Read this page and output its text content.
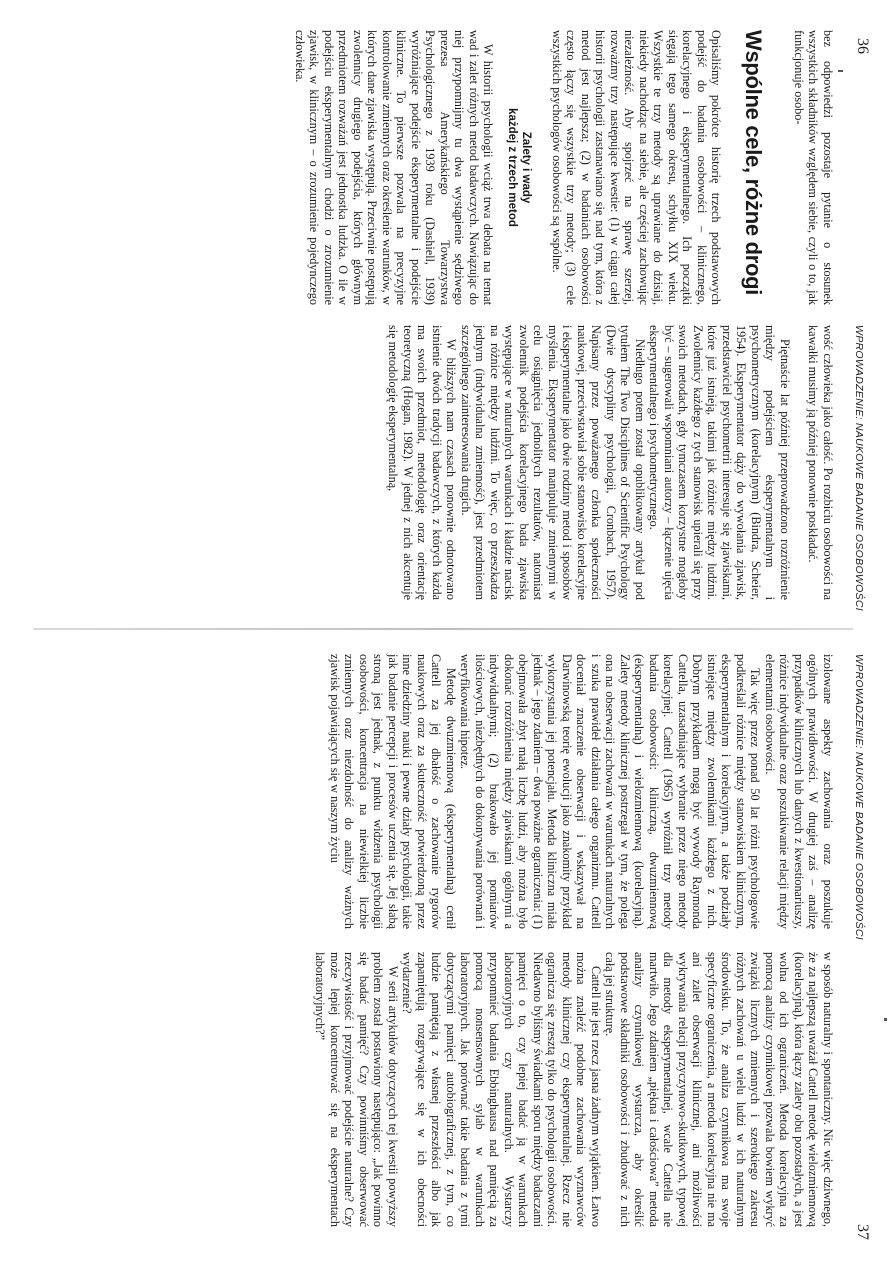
36
WPROWADZENIE: NAUKOWE BADANIE OSOBOWOŚCI

bez odpowiedzi pozostaje pytanie o stosunek wszystkich składników względem siebie, czyli o to, jak funkcjonuje osobo-

Wspólne cele, różne drogi

Opisaliśmy pokrótce historię trzech podstawowych podejść do badania osobowości – klinicznego, korelacyjnego i eksperymentalnego. Ich początki sięgają tego samego okresu, schyłku XIX wieku. Wszystkie te trzy metody są uprawiane do dzisiaj, niekiedy nachodząc na siebie, ale częściej zachowując niezależność. Aby spojrzeć na sprawę szerzej, rozważmy trzy następujące kwestie: (1) w ciągu całej historii psychologii zastanawiano się nad tym, która z metod jest najlepsza; (2) w badaniach osobowości często łączy się wszystkie trzy metody; (3) cele wszystkich psychologów osobowości są wspólne.

Zalety i wady
każdej z trzech metod

W historii psychologii wciąż trwa debata na temat wad i zalet różnych metod badawczych. Nawiązując do niej przypomnijmy tu dwa wystąpienie sędziwego prezesa Amerykańskiego Towarzystwa Psychologicznego z 1939 roku (Dashiell, 1939) wyróżniające podejście eksperymentalne i podejście kliniczne. To pierwsze pozwala na precyzyjne kontrolowanie zmiennych oraz określenie warunków, w których dane zjawiska występują. Przeciwnie postępują zwolennicy drugiego podejścia, których głównym przedmiotem rozważań jest jednostka ludzka. O ile w podejściu eksperymentalnym chodzi o zrozumienie zjawisk, w klinicznym – o zrozumienie pojedynczego człowieka.

wość człowieka jako całość. Po rozbiciu osobowości na kawałki musimy ją później ponownie poskładać.

Piętnaście lat później przeprowadzono rozróżnienie między podejściem eksperymentalnym i psychometrycznym (korelacyjnym) (Bindra, Scheier, 1954). Eksperymentator dąży do wywołania zjawisk, przedstawiciel psychometrii interesuje się zjawiskami, które już istnieją, takimi jak różnice między ludźmi. Zwolennicy każdego z tych stanowisk upierali się przy swoich metodach, gdy tymczasem korzystne mogłoby być – sugerowali wspomniani autorzy – łączenie ujęcia eksperymentalnego i psychometrycznego.

Niedługo potem został opublikowany artykuł pod tytułem The Two Disciplines of Scientific Psychology (Dwie dyscypliny psychologii, Cronbach, 1957). Napisany przez poważanego członka społeczności naukowej, przeciwstawiał sobie stanowisko korelacyjne i eksperymentalne jako dwie rodziny metod i sposobów myślenia. Eksperymentator manipuluje zmiennymi w celu osiągnięcia jednolitych rezultatów, natomiast zwolennik podejścia korelacyjnego bada zjawiska występujące w naturalnych warunkach i kładzie nacisk na różnice między ludźmi. To więc, co przeszkadza jednym (indywidualna zmienność), jest przedmiotem szczególnego zainteresowania drugich.

W bliższych nam czasach ponownie odnotowano istnienie dwóch tradycji badawczych, z których każda ma swoich przedmiot, metodologię oraz orientację teoretyczną (Hogan, 1982). W jednej z nich akcentuje się metodologię eksperymentalną,

WPROWADZENIE: NAUKOWE BADANIE OSOBOWOŚCI
37

izolowane aspekty zachowania oraz poszukuje ogólnych prawidłowości. W drugiej zaś – analizę przypadków klinicznych lub danych z kwestionariuszy, różnice indywidualne oraz poszukiwanie relacji między elementami osobowości.

Tak więc przez ponad 50 lat różni psychologowie podkreślali różnice między stanowiskiem klinicznym, eksperymentalnym i korelacyjnym, a także podziały istniejące między zwolennikami każdego z nich. Dobrym przykładem mogą być wywody Raymonda Cattella, uzasadniające wybranie przez niego metody korelacyjnej. Cattell (1965) wyróżnił trzy metody badania osobowości: kliniczną, dwuzmiennową (eksperymentalną) i wielozmiennową (korelacyjną). Zalety metody klinicznej postrzegał w tym, że polega ona na obserwacji zachowań w warunkach naturalnych i szuka prawideł działania całego organizmu. Cattell doceniał znaczenie obserwacji i wskazywał na Darwinowską teorię ewolucji jako znakomity przykład wykorzystania jej potencjału. Metoda kliniczna miała jednak – jego zdaniem – dwa poważne ograniczenia: (1) obejmowała zbyt małą liczbę ludzi, aby można było dokonać rozróżnienia między zjawiskami ogólnymi a indywidualnymi; (2) brakowało jej pomiarów ilościowych, niezbędnych do dokonywania porównań i weryfikowania hipotez.

Metodę dwuzmiennową (eksperymentalną) cenił Cattell za jej dbałość o zachowanie rygorów naukowych oraz za skuteczność potwierdzoną przez inne dziedziny nauki i pewne działy psychologii, takie jak badanie percepcji i procesów uczenia się. Jej słabą stroną jest jednak, z punktu widzenia psychologii osobowości, koncentracja na niewielkiej liczbie zmiennych oraz niezdolność do analizy ważnych zjawisk pojawiających się w naszym życiu

w sposób naturalny i spontaniczny. Nic więc dziwnego, że za najlepszą uważał Cattell metodę wielozmiennową (korelacyjną), która łączy zalety obu pozostałych, a jest wolna od ich ograniczeń. Metoda korelacyjna za pomocą analizy czynnikowej pozwala bowiem wykryć związki licznych zmiennych i szerokiego zakresu różnych zachowań u wielu ludzi w ich naturalnym środowisku. To, że analiza czynnikowa ma swoje specyficzne ograniczenia, a metoda korelacyjna nie ma ani zalet obserwacji klinicznej, ani możliwości wykrywania relacji przyczynowo-skutkowych, typowej dla metody eksperymentalnej, wcale Cattella nie martwiło. Jego zdaniem „piękna i całościowa” metoda analizy czynnikowej wystarcza, aby określić podstawowe składniki osobowości i zbudować z nich całą jej strukturę.

Cattell nie jest rzecz jasna żadnym wyjątkiem. Łatwo można znaleźć podobne zachowania wyznawców metody klinicznej czy eksperymentalnej. Rzecz nie ogranicza się zresztą tylko do psychologii osobowości. Niedawno byliśmy świadkami sporu między badaczami pamięci o to, czy lepiej badać ją w warunkach laboratoryjnych czy naturalnych. Wystarczy przypomnieć badania Ebbinghausa nad pamięcią za pomocą nonsensownych sylab w warunkach laboratoryjnych. Jak porównać takie badania z tymi dotyczącymi pamięci autobiograficznej, z tym, co ludzie pamiętają z własnej przeszłości albo jak zapamiętują rozgrywające się w ich obecności wydarzenie?

W serii artykułów dotyczących tej kwestii powyższy problem został postawiony następująco: „Jak powinno się badać pamięć? Czy powinniśmy obserwować rzeczywistość i przyjmować podejście naturalne? Czy może lepiej koncentrować się na eksperymentach laboratoryjnych?”
